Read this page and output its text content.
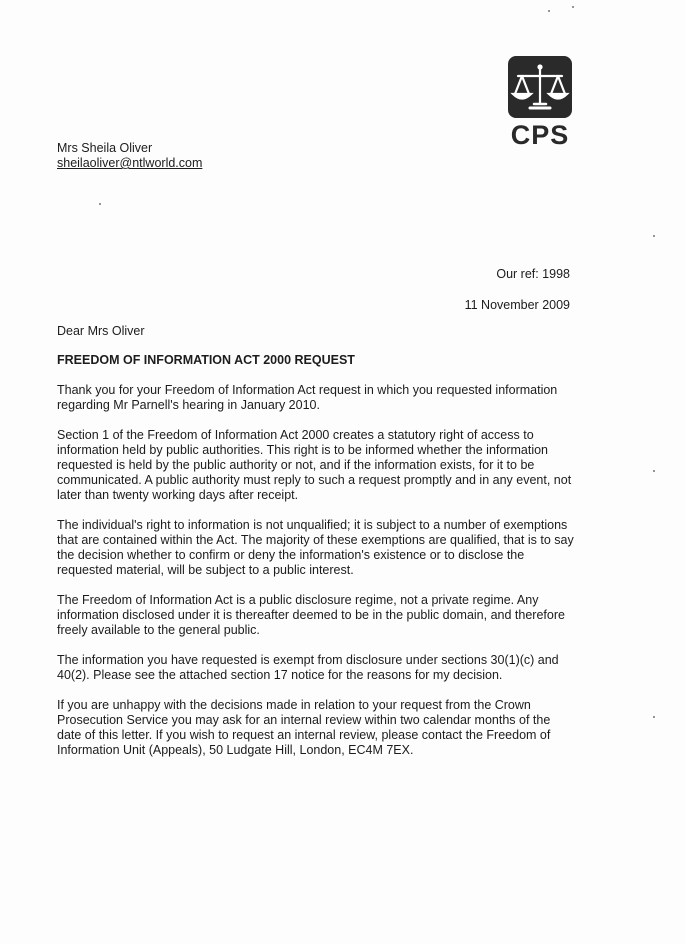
CPS
Mrs Sheila Oliver
sheilaoliver@ntlworld.com
Our ref: 1998
11 November 2009

Dear Mrs Oliver

FREEDOM OF INFORMATION ACT 2000 REQUEST

Thank you for your Freedom of Information Act request in which you requested information regarding Mr Parnell's hearing in January 2010.

Section 1 of the Freedom of Information Act 2000 creates a statutory right of access to information held by public authorities. This right is to be informed whether the information requested is held by the public authority or not, and if the information exists, for it to be communicated. A public authority must reply to such a request promptly and in any event, not later than twenty working days after receipt.

The individual's right to information is not unqualified; it is subject to a number of exemptions that are contained within the Act. The majority of these exemptions are qualified, that is to say the decision whether to confirm or deny the information's existence or to disclose the requested material, will be subject to a public interest.

The Freedom of Information Act is a public disclosure regime, not a private regime. Any information disclosed under it is thereafter deemed to be in the public domain, and therefore freely available to the general public.

The information you have requested is exempt from disclosure under sections 30(1)(c) and 40(2). Please see the attached section 17 notice for the reasons for my decision.

If you are unhappy with the decisions made in relation to your request from the Crown Prosecution Service you may ask for an internal review within two calendar months of the date of this letter. If you wish to request an internal review, please contact the Freedom of Information Unit (Appeals), 50 Ludgate Hill, London, EC4M 7EX.
